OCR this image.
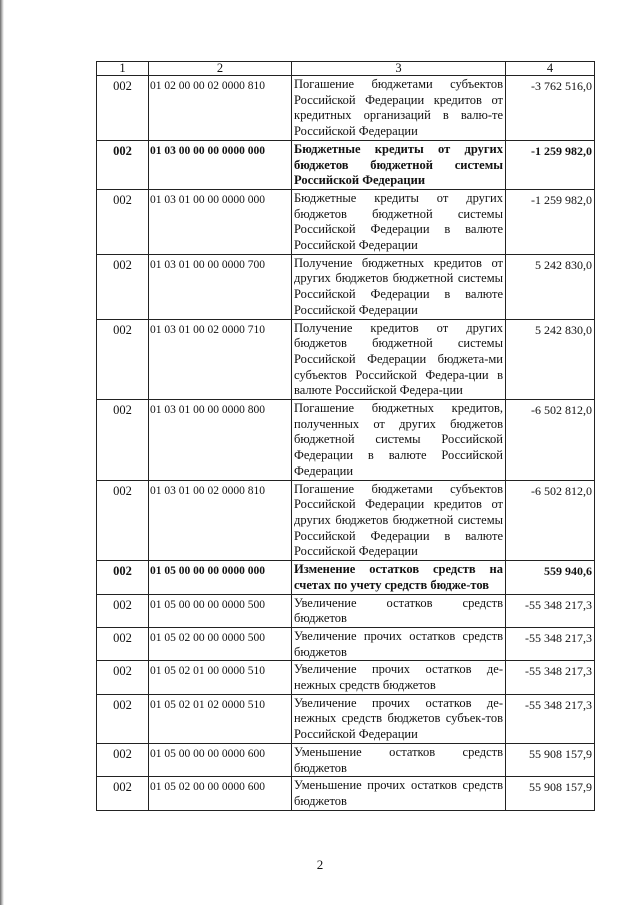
1	2	3	4
002	01 02 00 00 02 0000 810	Погашение бюджетами субъектов Российской Федерации кредитов от кредитных организаций в валю-те Российской Федерации	-3 762 516,0
002	01 03 00 00 00 0000 000	Бюджетные кредиты от других бюджетов бюджетной системы Российской Федерации	-1 259 982,0
002	01 03 01 00 00 0000 000	Бюджетные кредиты от других бюджетов бюджетной системы Российской Федерации в валюте Российской Федерации	-1 259 982,0
002	01 03 01 00 00 0000 700	Получение бюджетных кредитов от других бюджетов бюджетной системы Российской Федерации в валюте Российской Федерации	5 242 830,0
002	01 03 01 00 02 0000 710	Получение кредитов от других бюджетов бюджетной системы Российской Федерации бюджета-ми субъектов Российской Федера-ции в валюте Российской Федера-ции	5 242 830,0
002	01 03 01 00 00 0000 800	Погашение бюджетных кредитов, полученных от других бюджетов бюджетной системы Российской Федерации в валюте Российской Федерации	-6 502 812,0
002	01 03 01 00 02 0000 810	Погашение бюджетами субъектов Российской Федерации кредитов от других бюджетов бюджетной системы Российской Федерации в валюте Российской Федерации	-6 502 812,0
002	01 05 00 00 00 0000 000	Изменение остатков средств на счетах по учету средств бюдже-тов	559 940,6
002	01 05 00 00 00 0000 500	Увеличение остатков средств бюджетов	-55 348 217,3
002	01 05 02 00 00 0000 500	Увеличение прочих остатков средств бюджетов	-55 348 217,3
002	01 05 02 01 00 0000 510	Увеличение прочих остатков де-нежных средств бюджетов	-55 348 217,3
002	01 05 02 01 02 0000 510	Увеличение прочих остатков де-нежных средств бюджетов субъек-тов Российской Федерации	-55 348 217,3
002	01 05 00 00 00 0000 600	Уменьшение остатков средств бюджетов	55 908 157,9
002	01 05 02 00 00 0000 600	Уменьшение прочих остатков средств бюджетов	55 908 157,9
2
